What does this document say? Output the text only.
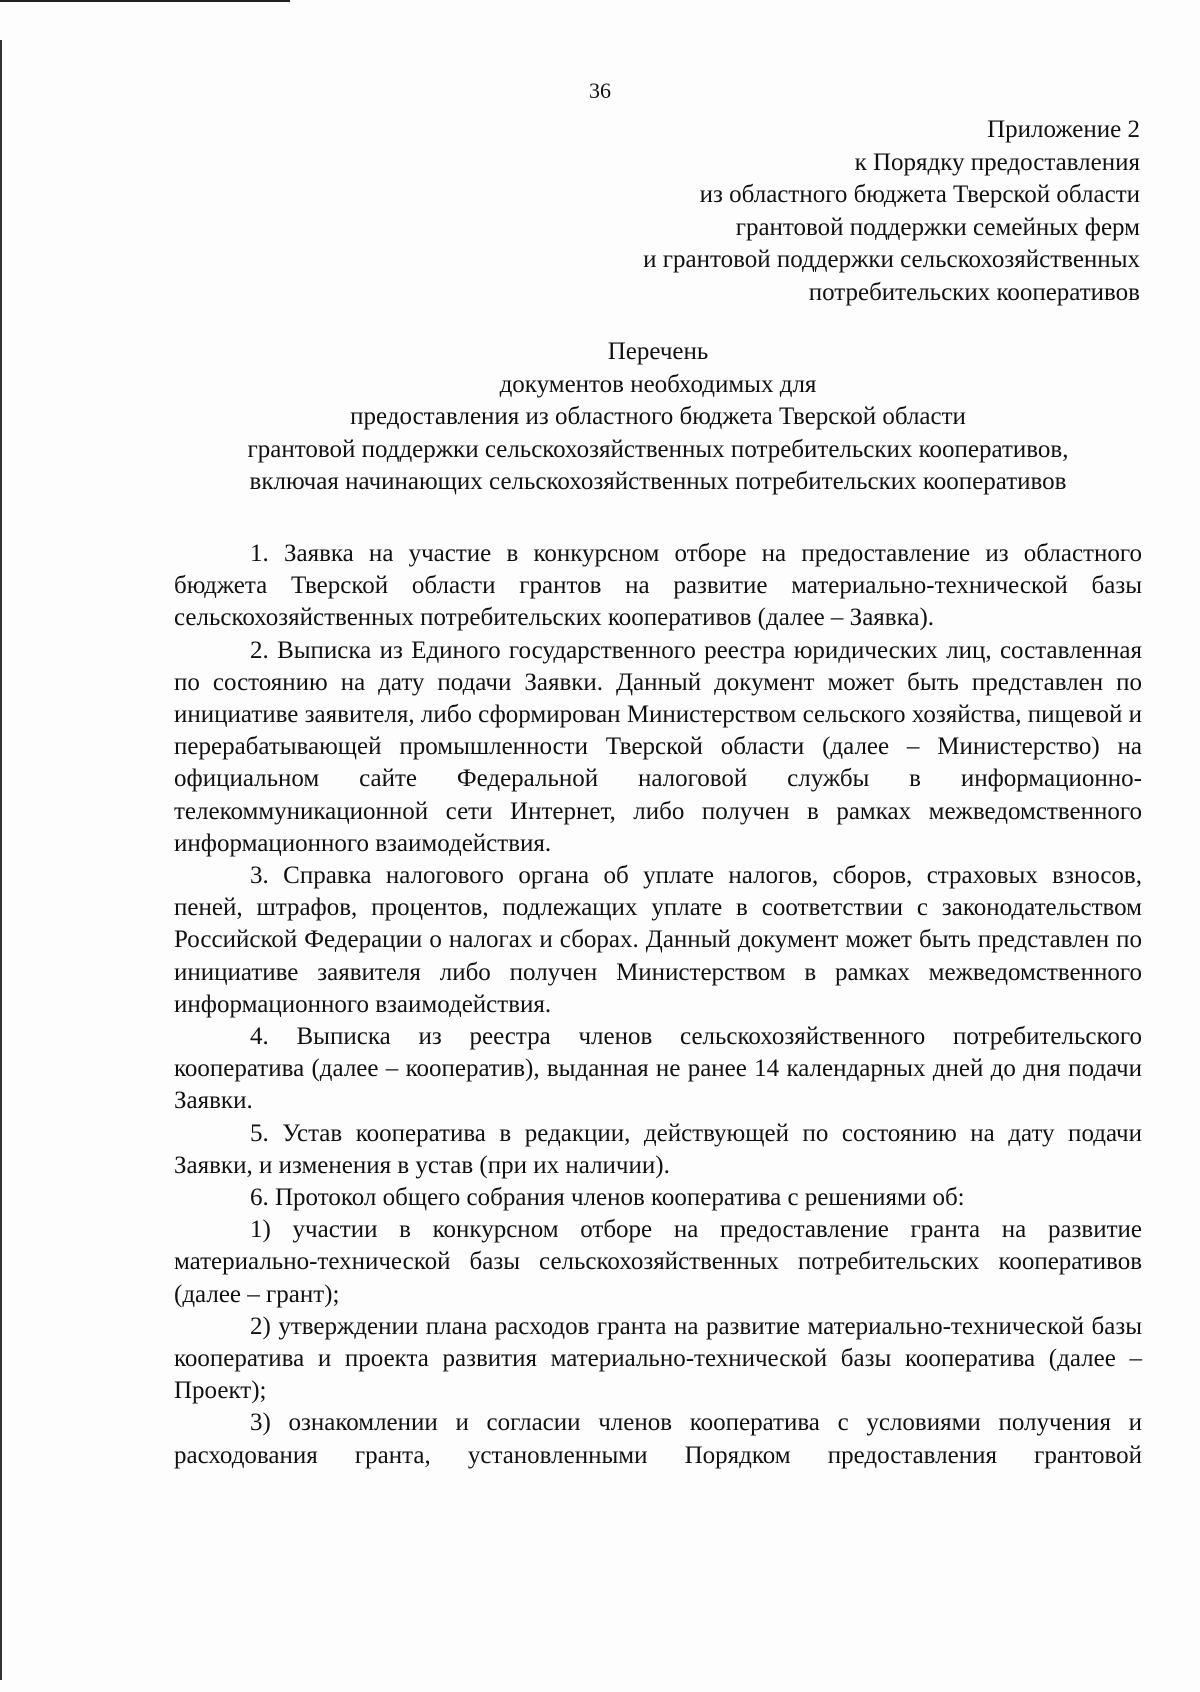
36
Приложение 2
к Порядку предоставления
из областного бюджета Тверской области
грантовой поддержки семейных ферм
и грантовой поддержки сельскохозяйственных
потребительских кооперативов
Перечень
документов необходимых для
предоставления из областного бюджета Тверской области
грантовой поддержки сельскохозяйственных потребительских кооперативов,
включая начинающих сельскохозяйственных потребительских кооперативов

1. Заявка на участие в конкурсном отборе на предоставление из областного бюджета Тверской области грантов на развитие материально-технической базы сельскохозяйственных потребительских кооперативов (далее – Заявка).

2. Выписка из Единого государственного реестра юридических лиц, составленная по состоянию на дату подачи Заявки. Данный документ может быть представлен по инициативе заявителя, либо сформирован Министерством сельского хозяйства, пищевой и перерабатывающей промышленности Тверской области (далее – Министерство) на официальном сайте Федеральной налоговой службы в информационно-телекоммуникационной сети Интернет, либо получен в рамках межведомственного информационного взаимодействия.

3. Справка налогового органа об уплате налогов, сборов, страховых взносов, пеней, штрафов, процентов, подлежащих уплате в соответствии с законодательством Российской Федерации о налогах и сборах. Данный документ может быть представлен по инициативе заявителя либо получен Министерством в рамках межведомственного информационного взаимодействия.

4. Выписка из реестра членов сельскохозяйственного потребительского кооператива (далее – кооператив), выданная не ранее 14 календарных дней до дня подачи Заявки.

5. Устав кооператива в редакции, действующей по состоянию на дату подачи Заявки, и изменения в устав (при их наличии).

6. Протокол общего собрания членов кооператива с решениями об:

1) участии в конкурсном отборе на предоставление гранта на развитие материально-технической базы сельскохозяйственных потребительских кооперативов (далее – грант);

2) утверждении плана расходов гранта на развитие материально-технической базы кооператива и проекта развития материально-технической базы кооператива (далее – Проект);

3) ознакомлении и согласии членов кооператива с условиями получения и расходования гранта, установленными Порядком предоставления грантовой
